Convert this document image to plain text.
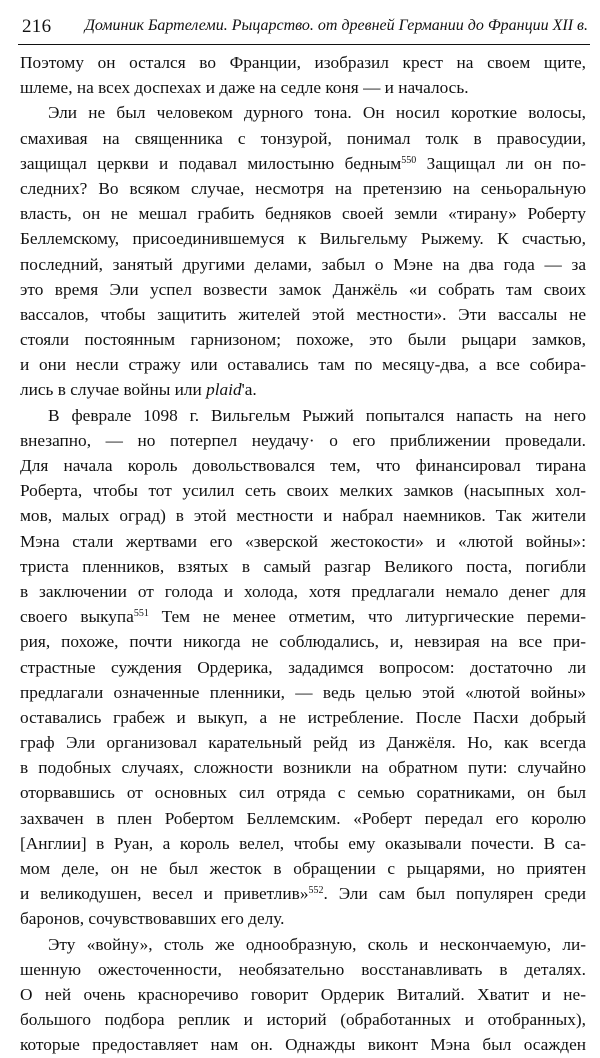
216 Доминик Бартелеми. Рыцарство. от древней Германии до Франции XII в.
Поэтому он остался во Франции, изобразил крест на своем щите,
шлеме, на всех доспехах и даже на седле коня — и началось.
Эли не был человеком дурного тона. Он носил короткие волосы,
смахивая на священника с тонзурой, понимал толк в правосудии,
защищал церкви и подавал милостыню бедным$^{550}$ Защищал ли он по-
следних? Во всяком случае, несмотря на претензию на сеньоральную
власть, он не мешал грабить бедняков своей земли «тирану» Роберту
Беллемскому, присоединившемуся к Вильгельму Рыжему. К счастью,
последний, занятый другими делами, забыл о Мэне на два года — за
это время Эли успел возвести замок Данжёль «и собрать там своих
вассалов, чтобы защитить жителей этой местности». Эти вассалы не
стояли постоянным гарнизоном; похоже, это были рыцари замков,
и они несли стражу или оставались там по месяцу-два, а все собира-
лись в случае войны или plaid'а.
В феврале 1098 г. Вильгельм Рыжий попытался напасть на него
внезапно, — но потерпел неудачу· о его приближении проведали.
Для начала король довольствовался тем, что финансировал тирана
Роберта, чтобы тот усилил сеть своих мелких замков (насыпных хол-
мов, малых оград) в этой местности и набрал наемников. Так жители
Мэна стали жертвами его «зверской жестокости» и «лютой войны»:
триста пленников, взятых в самый разгар Великого поста, погибли
в заключении от голода и холода, хотя предлагали немало денег для
своего выкупа$^{551}$ Тем не менее отметим, что литургические переми-
рия, похоже, почти никогда не соблюдались, и, невзирая на все при-
страстные суждения Ордерика, зададимся вопросом: достаточно ли
предлагали означенные пленники, — ведь целью этой «лютой войны»
оставались грабеж и выкуп, а не истребление. После Пасхи добрый
граф Эли организовал карательный рейд из Данжёля. Но, как всегда
в подобных случаях, сложности возникли на обратном пути: случайно
оторвавшись от основных сил отряда с семью соратниками, он был
захвачен в плен Робертом Беллемским. «Роберт передал его королю
[Англии] в Руан, а король велел, чтобы ему оказывали почести. В са-
мом деле, он не был жесток в обращении с рыцарями, но приятен
и великодушен, весел и приветлив»$^{552}$. Эли сам был популярен среди
баронов, сочувствовавших его делу.
Эту «войну», столь же однообразную, сколь и нескончаемую, ли-
шенную ожесточенности, необязательно восстанавливать в деталях.
О ней очень красноречиво говорит Ордерик Виталий. Хватит и не-
большого подбора реплик и историй (обработанных и отобранных),
которые предоставляет нам он. Однажды виконт Мэна был осажден
